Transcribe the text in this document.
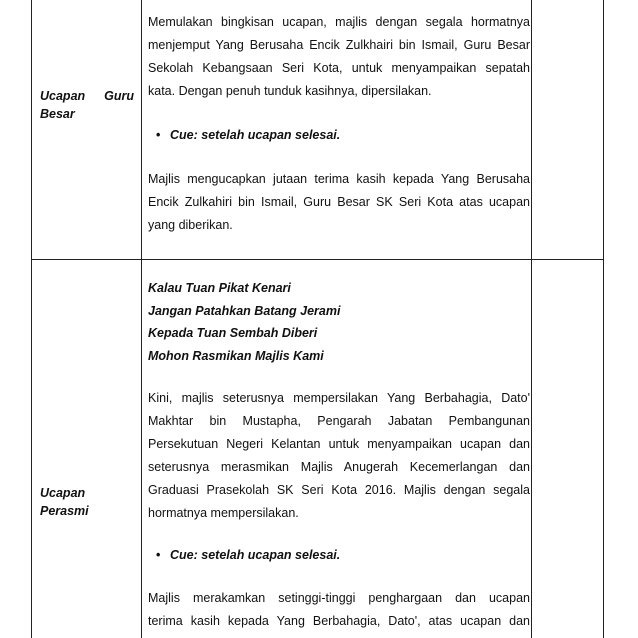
Ucapan Guru
Besar
Memulakan bingkisan ucapan, majlis dengan segala hormatnya
menjemput Yang Berusaha Encik Zulkhairi bin Ismail, Guru Besar
Sekolah Kebangsaan Seri Kota, untuk menyampaikan sepatah
kata. Dengan penuh tunduk kasihnya, dipersilakan.
• Cue: setelah ucapan selesai.
Majlis mengucapkan jutaan terima kasih kepada Yang Berusaha
Encik Zulkahiri bin Ismail, Guru Besar SK Seri Kota atas ucapan
yang diberikan.
Ucapan
Perasmi
Kalau Tuan Pikat Kenari
Jangan Patahkan Batang Jerami
Kepada Tuan Sembah Diberi
Mohon Rasmikan Majlis Kami
Kini, majlis seterusnya mempersilakan Yang Berbahagia, Dato'
Makhtar bin Mustapha, Pengarah Jabatan Pembangunan
Persekutuan Negeri Kelantan untuk menyampaikan ucapan dan
seterusnya merasmikan Majlis Anugerah Kecemerlangan dan
Graduasi Prasekolah SK Seri Kota 2016. Majlis dengan segala
hormatnya mempersilakan.
• Cue: setelah ucapan selesai.
Majlis merakamkan setinggi-tinggi penghargaan dan ucapan
terima kasih kepada Yang Berbahagia, Dato', atas ucapan dan
